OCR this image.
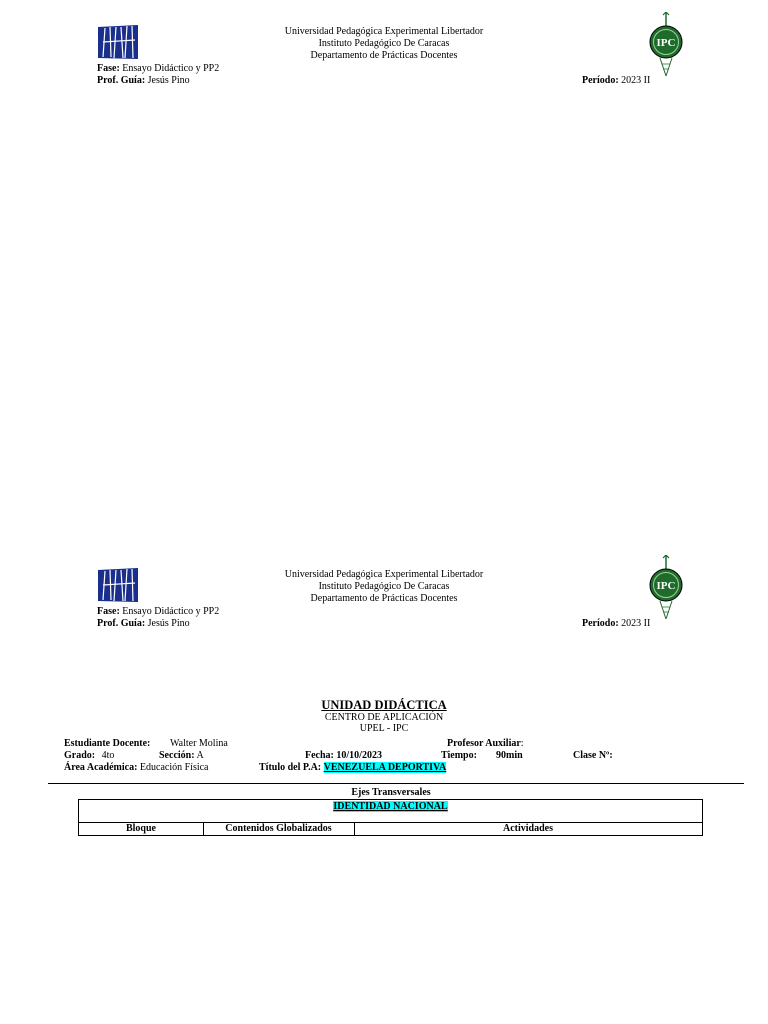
Universidad Pedagógica Experimental Libertador
Instituto Pedagógico De Caracas
Departamento de Prácticas Docentes
IPC
Fase: Ensayo Didáctico y PP2
Prof. Guía: Jesús Pino	Período: 2023 II
Universidad Pedagógica Experimental Libertador
Instituto Pedagógico De Caracas
Departamento de Prácticas Docentes
IPC
Fase: Ensayo Didáctico y PP2
Prof. Guía: Jesús Pino	Período: 2023 II
UNIDAD DIDÁCTICA
CENTRO DE APLICACIÓN
UPEL - IPC
Estudiante Docente: Walter Molina	Profesor Auxiliar:
Grado: 4to	Sección: A	Fecha: 10/10/2023	Tiempo: 90min	Clase Nº:
Área Académica: Educación Física	Título del P.A: VENEZUELA DEPORTIVA
Ejes Transversales
IDENTIDAD NACIONAL
Bloque	Contenidos Globalizados	Actividades
